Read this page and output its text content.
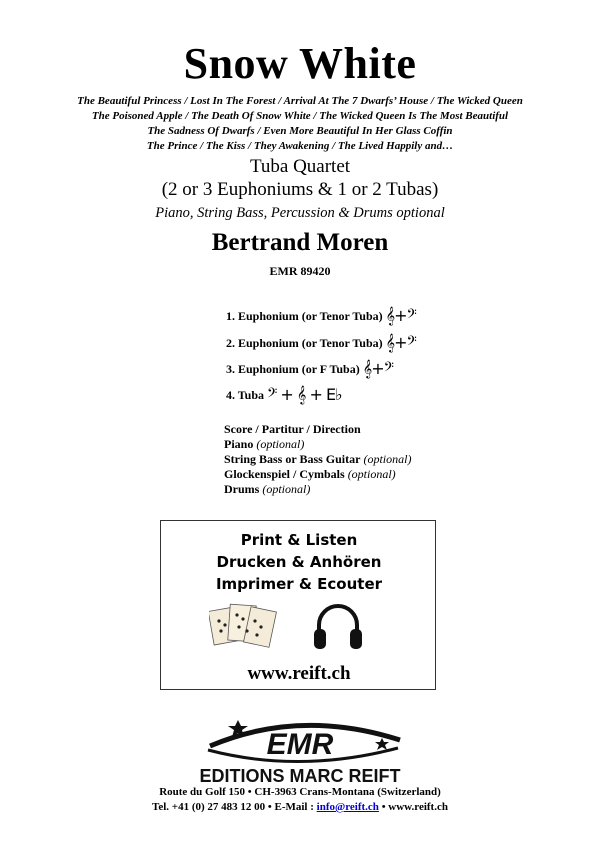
Snow White
The Beautiful Princess / Lost In The Forest / Arrival At The 7 Dwarfs’ House / The Wicked Queen
The Poisoned Apple / The Death Of Snow White / The Wicked Queen Is The Most Beautiful
The Sadness Of Dwarfs / Even More Beautiful In Her Glass Coffin
The Prince / The Kiss / They Awakening / The Lived Happily and…
Tuba Quartet
(2 or 3 Euphoniums & 1 or 2 Tubas)
Piano, String Bass, Percussion & Drums optional
Bertrand Moren
EMR 89420
1. Euphonium (or Tenor Tuba) 𝄞+𝄢
2. Euphonium (or Tenor Tuba) 𝄞+𝄢
3. Euphonium (or F Tuba) 𝄞+𝄢
4. Tuba 𝄢 + 𝄞 + E♭
Score / Partitur / Direction
Piano (optional)
String Bass or Bass Guitar (optional)
Glockenspiel / Cymbals (optional)
Drums (optional)
Print & Listen
Drucken & Anhören
Imprimer & Ecouter
www.reift.ch
EMR
EDITIONS MARC REIFT
Route du Golf 150 • CH-3963 Crans-Montana (Switzerland)
Tel. +41 (0) 27 483 12 00 • E-Mail : info@reift.ch • www.reift.ch
